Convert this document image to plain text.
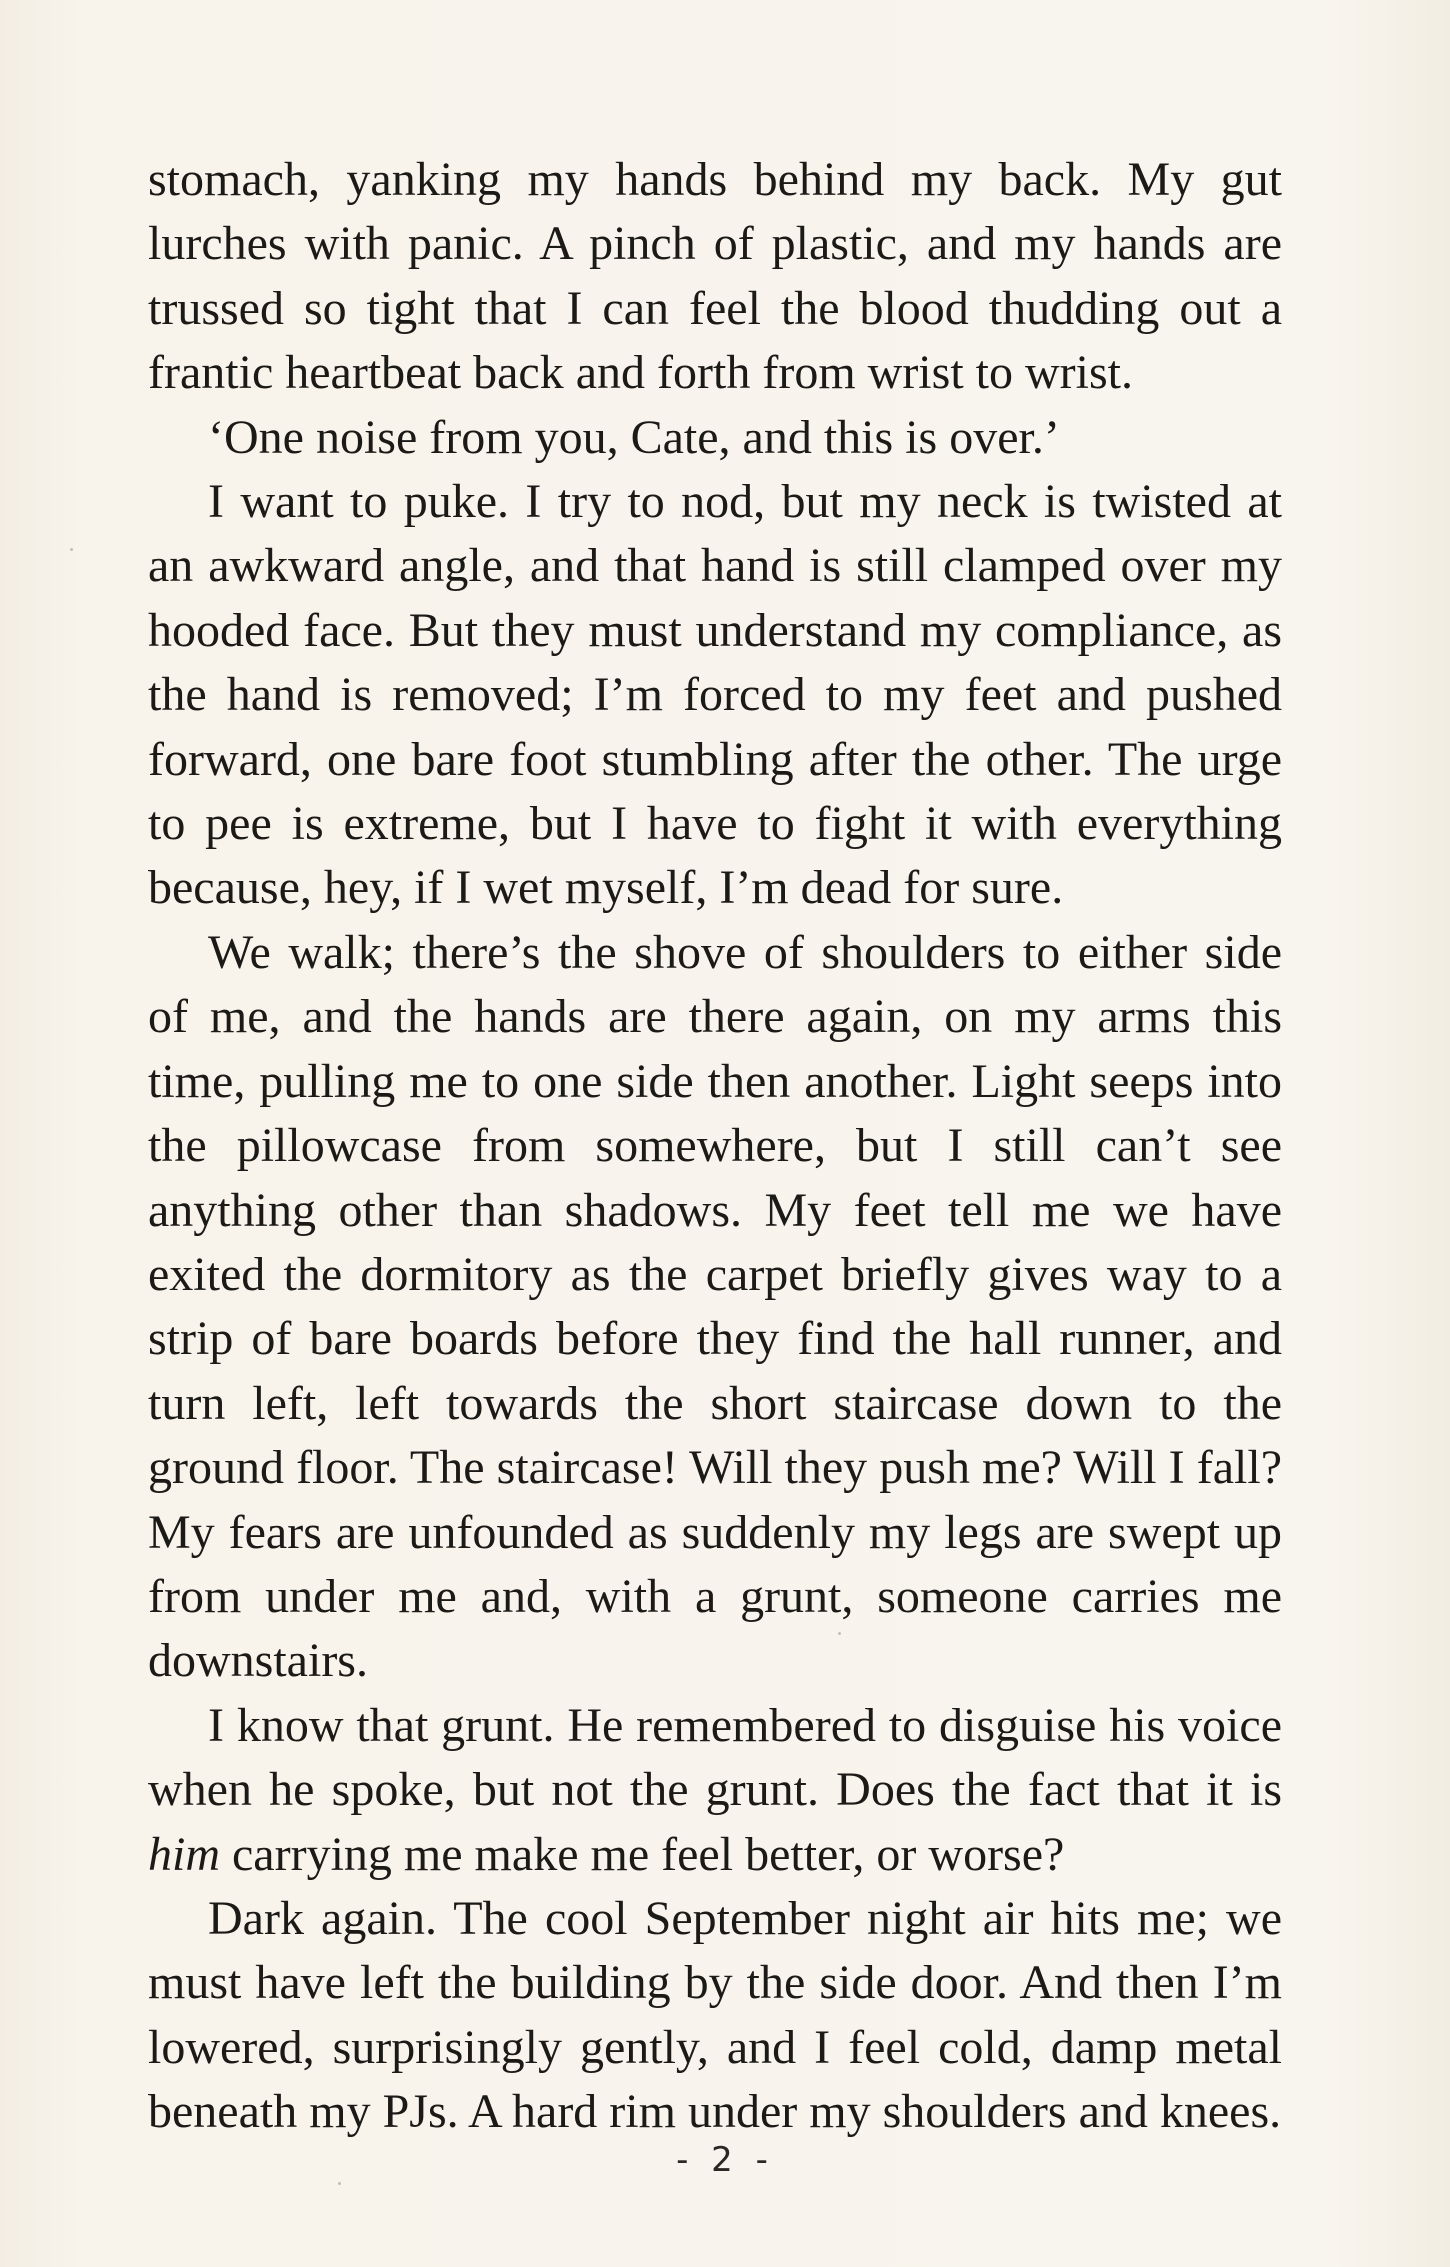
stomach, yanking my hands behind my back. My gut lurches with panic. A pinch of plastic, and my hands are trussed so tight that I can feel the blood thudding out a frantic heartbeat back and forth from wrist to wrist.

‘One noise from you, Cate, and this is over.’

I want to puke. I try to nod, but my neck is twisted at an awkward angle, and that hand is still clamped over my hooded face. But they must understand my compliance, as the hand is removed; I’m forced to my feet and pushed forward, one bare foot stumbling after the other. The urge to pee is extreme, but I have to fight it with everything because, hey, if I wet myself, I’m dead for sure.

We walk; there’s the shove of shoulders to either side of me, and the hands are there again, on my arms this time, pulling me to one side then another. Light seeps into the pillowcase from somewhere, but I still can’t see anything other than shadows. My feet tell me we have exited the dormitory as the carpet briefly gives way to a strip of bare boards before they find the hall runner, and turn left, left towards the short staircase down to the ground floor. The staircase! Will they push me? Will I fall? My fears are unfounded as suddenly my legs are swept up from under me and, with a grunt, someone carries me downstairs.

I know that grunt. He remembered to disguise his voice when he spoke, but not the grunt. Does the fact that it is him carrying me make me feel better, or worse?

Dark again. The cool September night air hits me; we must have left the building by the side door. And then I’m lowered, surprisingly gently, and I feel cold, damp metal beneath my PJs. A hard rim under my shoulders and knees.

- 2 -
